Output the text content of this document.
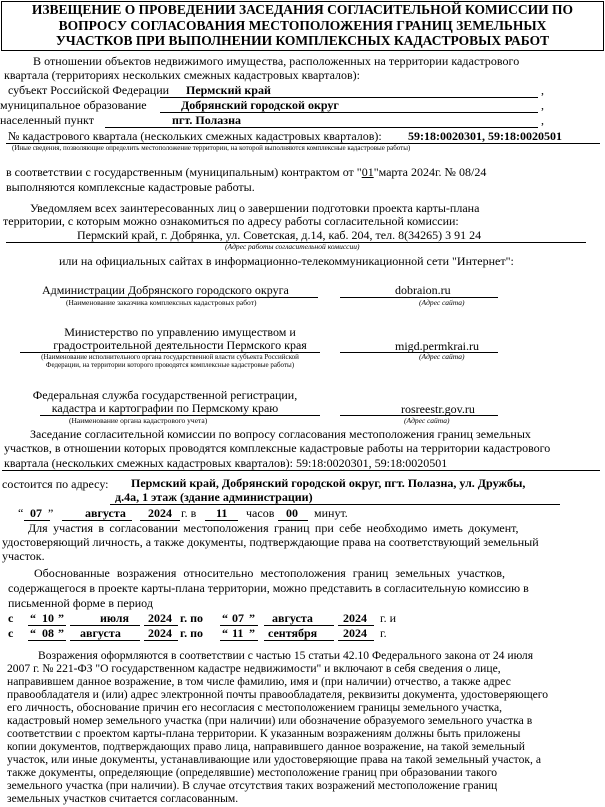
ИЗВЕЩЕНИЕ О ПРОВЕДЕНИИ ЗАСЕДАНИЯ СОГЛАСИТЕЛЬНОЙ КОМИССИИ ПО
ВОПРОСУ СОГЛАСОВАНИЯ МЕСТОПОЛОЖЕНИЯ ГРАНИЦ ЗЕМЕЛЬНЫХ
УЧАСТКОВ ПРИ ВЫПОЛНЕНИИ КОМПЛЕКСНЫХ КАДАСТРОВЫХ РАБОТ
В отношении объектов недвижимого имущества, расположенных на территории кадастрового
квартала (территориях нескольких смежных кадастровых кварталов):
субъект Российской Федерации Пермский край	,
муниципальное образование	Добрянский городской округ	,
населенный пункт	пгт. Полазна	,
№ кадастрового квартала (нескольких смежных кадастровых кварталов): 59:18:0020301, 59:18:0020501
(Иные сведения, позволяющие определить местоположение территории, на которой выполняются комплексные кадастровые работы)
в соответствии с государственным (муниципальным) контрактом от "01"марта 2024г. № 08/24
выполняются комплексные кадастровые работы.
Уведомляем всех заинтересованных лиц о завершении подготовки проекта карты-плана
территории, с которым можно ознакомиться по адресу работы согласительной комиссии:
Пермский край, г. Добрянка, ул. Советская, д.14, каб. 204, тел. 8(34265) 3 91 24
(Адрес работы согласительной комиссии)
или на официальных сайтах в информационно-телекоммуникационной сети "Интернет":
Администрации Добрянского городского округа
(Наименование заказчика комплексных кадастровых работ)
dobraion.ru
(Адрес сайта)
Министерство по управлению имуществом и
градостроительной деятельности Пермского края
(Наименование исполнительного органа государственной власти субъекта Российской
Федерации, на территории которого проводятся комплексные кадастровые работы)
migd.permkrai.ru
(Адрес сайта)
Федеральная служба государственной регистрации,
кадастра и картографии по Пермскому краю
(Наименование органа кадастрового учета)
rosreestr.gov.ru
(Адрес сайта)
Заседание согласительной комиссии по вопросу согласования местоположения границ земельных
участков, в отношении которых проводятся комплексные кадастровые работы на территории кадастрового
квартала (нескольких смежных кадастровых кварталов): 59:18:0020301, 59:18:0020501
состоится по адресу: Пермский край, Добрянский городской округ, пгт. Полазна, ул. Дружбы,
д.4а, 1 этаж (здание администрации)
“ 07 ”	августа 2024 г. в 11 часов 00 минут.
Для участия в согласовании местоположения границ при себе необходимо иметь документ,
удостоверяющий личность, а также документы, подтверждающие права на соответствующий земельный
участок.
Обоснованные возражения относительно местоположения границ земельных участков,
содержащегося в проекте карты-плана территории, можно представить в согласительную комиссию в
письменной форме в период
с “ 10 ”	июля 2024 г. по “ 07 ” августа	2024 г. и
с “ 08 ” августа 2024 г. по “ 11 ” сентября 2024 г.
Возражения оформляются в соответствии с частью 15 статьи 42.10 Федерального закона от 24 июля
2007 г. № 221-ФЗ "О государственном кадастре недвижимости" и включают в себя сведения о лице,
направившем данное возражение, в том числе фамилию, имя и (при наличии) отчество, а также адрес
правообладателя и (или) адрес электронной почты правообладателя, реквизиты документа, удостоверяющего
его личность, обоснование причин его несогласия с местоположением границы земельного участка,
кадастровый номер земельного участка (при наличии) или обозначение образуемого земельного участка в
соответствии с проектом карты-плана территории. К указанным возражениям должны быть приложены
копии документов, подтверждающих право лица, направившего данное возражение, на такой земельный
участок, или иные документы, устанавливающие или удостоверяющие права на такой земельный участок, а
также документы, определяющие (определявшие) местоположение границ при образовании такого
земельного участка (при наличии). В случае отсутствия таких возражений местоположение границ
земельных участков считается согласованным.
